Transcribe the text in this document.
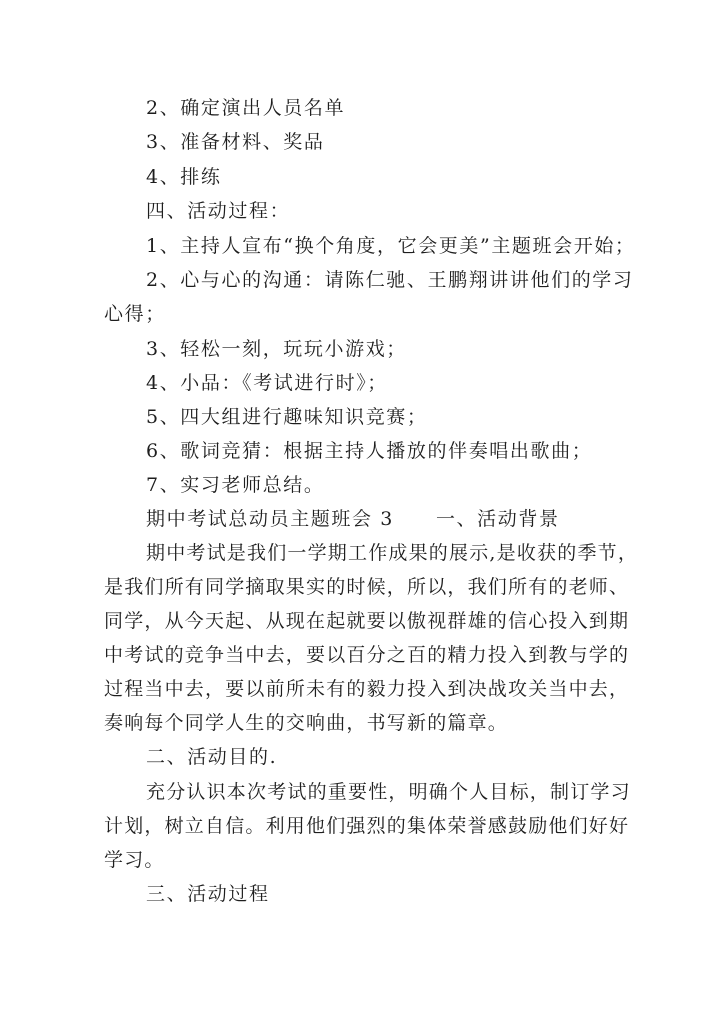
2、确定演出人员名单
3、准备材料、奖品
4、排练
四、活动过程：
1、主持人宣布“换个角度，它会更美”主题班会开始；
2、心与心的沟通：请陈仁驰、王鹏翔讲讲他们的学习
心得；
3、轻松一刻，玩玩小游戏；
4、小品：《考试进行时》；
5、四大组进行趣味知识竞赛；
6、歌词竞猜：根据主持人播放的伴奏唱出歌曲；
7、实习老师总结。
期中考试总动员主题班会 3 一、活动背景
期中考试是我们一学期工作成果的展示,是收获的季节，
是我们所有同学摘取果实的时候，所以，我们所有的老师、
同学，从今天起、从现在起就要以傲视群雄的信心投入到期
中考试的竞争当中去，要以百分之百的精力投入到教与学的
过程当中去，要以前所未有的毅力投入到决战攻关当中去，
奏响每个同学人生的交响曲，书写新的篇章。
二、活动目的.
充分认识本次考试的重要性，明确个人目标，制订学习
计划，树立自信。利用他们强烈的集体荣誉感鼓励他们好好
学习。
三、活动过程
